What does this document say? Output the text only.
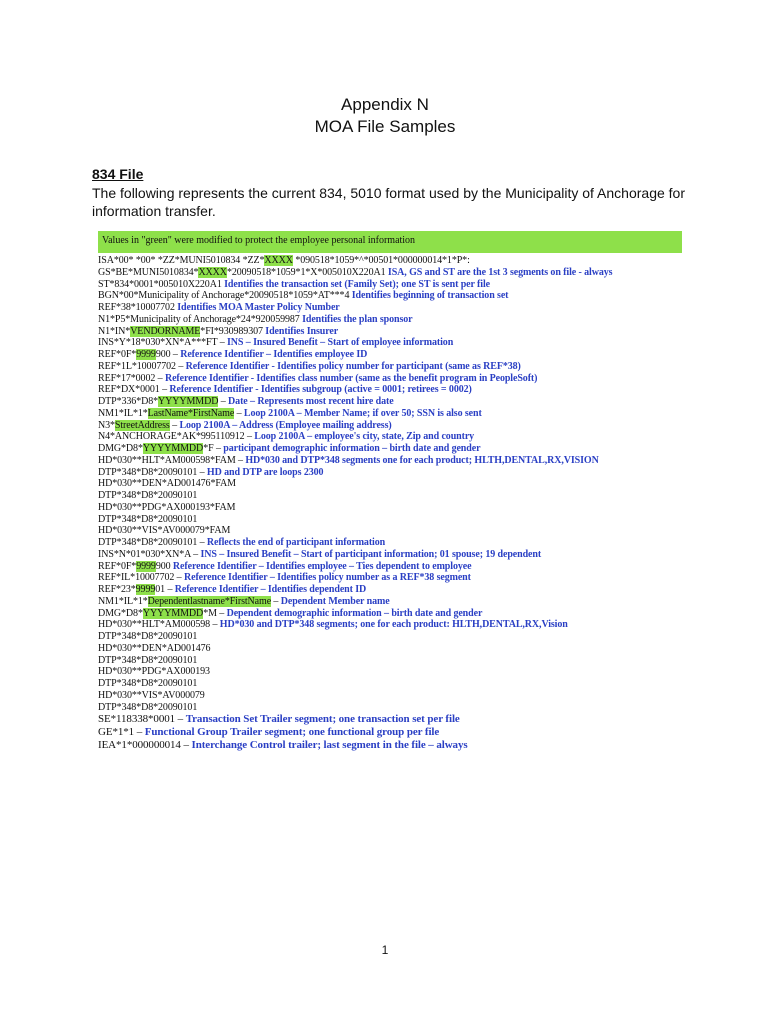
Appendix N
MOA File Samples
834 File
The following represents the current 834, 5010 format used by the Municipality of Anchorage for information transfer.
Values in "green" were modified to protect the employee personal information
ISA*00* *00* *ZZ*MUNI5010834 *ZZ*XXXX *090518*1059*^*00501*000000014*1*P*:
GS*BE*MUNI5010834*XXXX*20090518*1059*1*X*005010X220A1 ISA, GS and ST are the 1st 3 segments on file - always
ST*834*0001*005010X220A1 Identifies the transaction set (Family Set); one ST is sent per file
BGN*00*Municipality of Anchorage*20090518*1059*AT***4 Identifies beginning of transaction set
REF*38*10007702 Identifies MOA Master Policy Number
N1*P5*Municipality of Anchorage*24*920059987 Identifies the plan sponsor
N1*IN*VENDORNAME*FI*930989307 Identifies Insurer
INS*Y*18*030*XN*A***FT – INS – Insured Benefit – Start of employee information
REF*0F*9999900 – Reference Identifier – Identifies employee ID
REF*1L*10007702 – Reference Identifier - Identifies policy number for participant (same as REF*38)
REF*17*0002 – Reference Identifier - Identifies class number (same as the benefit program in PeopleSoft)
REF*DX*0001 – Reference Identifier - Identifies subgroup (active = 0001; retirees = 0002)
DTP*336*D8*YYYYMMDD – Date – Represents most recent hire date
NM1*IL*1*LastName*FirstName – Loop 2100A – Member Name; if over 50; SSN is also sent
N3*StreetAddress – Loop 2100A – Address (Employee mailing address)
N4*ANCHORAGE*AK*995110912 – Loop 2100A – employee's city, state, Zip and country
DMG*D8*YYYYMMDD*F – participant demographic information – birth date and gender
HD*030**HLT*AM000598*FAM – HD*030 and DTP*348 segments one for each product; HLTH,DENTAL,RX,VISION
DTP*348*D8*20090101 – HD and DTP are loops 2300
HD*030**DEN*AD001476*FAM
DTP*348*D8*20090101
HD*030**PDG*AX000193*FAM
DTP*348*D8*20090101
HD*030**VIS*AV000079*FAM
DTP*348*D8*20090101 – Reflects the end of participant information
INS*N*01*030*XN*A – INS – Insured Benefit – Start of participant information; 01 spouse; 19 dependent
REF*0F*9999900 Reference Identifier – Identifies employee – Ties dependent to employee
REF*IL*10007702 – Reference Identifier – Identifies policy number as a REF*38 segment
REF*23*999901 – Reference Identifier – Identifies dependent ID
NM1*IL*1*Dependentlastname*FirstName – Dependent Member name
DMG*D8*YYYYMMDD*M – Dependent demographic information – birth date and gender
HD*030**HLT*AM000598 – HD*030 and DTP*348 segments; one for each product: HLTH,DENTAL,RX,Vision
DTP*348*D8*20090101
HD*030**DEN*AD001476
DTP*348*D8*20090101
HD*030**PDG*AX000193
DTP*348*D8*20090101
HD*030**VIS*AV000079
DTP*348*D8*20090101
SE*118338*0001 – Transaction Set Trailer segment; one transaction set per file
GE*1*1 – Functional Group Trailer segment; one functional group per file
IEA*1*000000014 – Interchange Control trailer; last segment in the file – always
1
